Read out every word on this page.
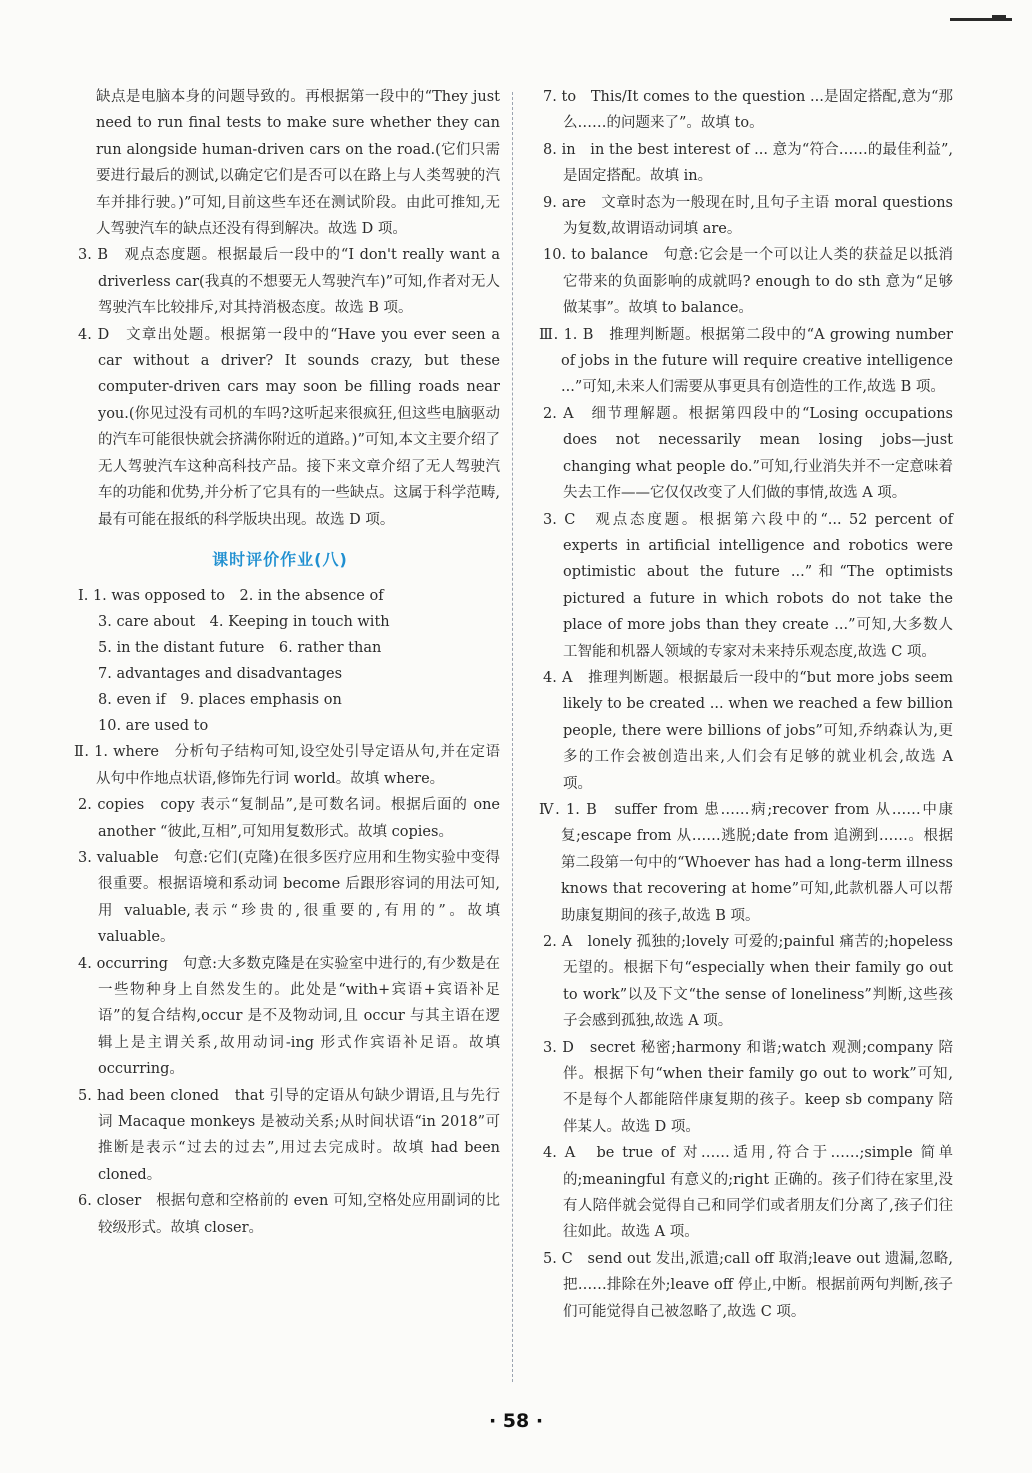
缺点是电脑本身的问题导致的。再根据第一段中的“They just need to run final tests to make sure whether they can run alongside human-driven cars on the road.(它们只需要进行最后的测试,以确定它们是否可以在路上与人类驾驶的汽车并排行驶。)”可知,目前这些车还在测试阶段。由此可推知,无人驾驶汽车的缺点还没有得到解决。故选 D 项。
3. B　观点态度题。根据最后一段中的“I don't really want a driverless car(我真的不想要无人驾驶汽车)”可知,作者对无人驾驶汽车比较排斥,对其持消极态度。故选 B 项。
4. D　文章出处题。根据第一段中的“Have you ever seen a car without a driver? It sounds crazy, but these computer-driven cars may soon be filling roads near you.(你见过没有司机的车吗?这听起来很疯狂,但这些电脑驱动的汽车可能很快就会挤满你附近的道路。)”可知,本文主要介绍了无人驾驶汽车这种高科技产品。接下来文章介绍了无人驾驶汽车的功能和优势,并分析了它具有的一些缺点。这属于科学范畴,最有可能在报纸的科学版块出现。故选 D 项。
课时评价作业(八)
Ⅰ. 1. was opposed to　2. in the absence of
3. care about　4. Keeping in touch with
5. in the distant future　6. rather than
7. advantages and disadvantages
8. even if　9. places emphasis on
10. are used to
Ⅱ. 1. where　分析句子结构可知,设空处引导定语从句,并在定语从句中作地点状语,修饰先行词 world。故填 where。
2. copies　copy 表示“复制品”,是可数名词。根据后面的 one another “彼此,互相”,可知用复数形式。故填 copies。
3. valuable　句意:它们(克隆)在很多医疗应用和生物实验中变得很重要。根据语境和系动词 become 后跟形容词的用法可知,用 valuable,表示“珍贵的,很重要的,有用的”。故填 valuable。
4. occurring　句意:大多数克隆是在实验室中进行的,有少数是在一些物种身上自然发生的。此处是“with+宾语+宾语补足语”的复合结构,occur 是不及物动词,且 occur 与其主语在逻辑上是主谓关系,故用动词-ing 形式作宾语补足语。故填 occurring。
5. had been cloned　that 引导的定语从句缺少谓语,且与先行词 Macaque monkeys 是被动关系;从时间状语“in 2018”可推断是表示“过去的过去”,用过去完成时。故填 had been cloned。
6. closer　根据句意和空格前的 even 可知,空格处应用副词的比较级形式。故填 closer。
7. to　This/It comes to the question ...是固定搭配,意为“那么……的问题来了”。故填 to。
8. in　in the best interest of ... 意为“符合……的最佳利益”,是固定搭配。故填 in。
9. are　文章时态为一般现在时,且句子主语 moral questions 为复数,故谓语动词填 are。
10. to balance　句意:它会是一个可以让人类的获益足以抵消它带来的负面影响的成就吗? enough to do sth 意为“足够做某事”。故填 to balance。
Ⅲ. 1. B　推理判断题。根据第二段中的“A growing number of jobs in the future will require creative intelligence ...”可知,未来人们需要从事更具有创造性的工作,故选 B 项。
2. A　细节理解题。根据第四段中的“Losing occupations does not necessarily mean losing jobs—just changing what people do.”可知,行业消失并不一定意味着失去工作——它仅仅改变了人们做的事情,故选 A 项。
3. C　观点态度题。根据第六段中的“... 52 percent of experts in artificial intelligence and robotics were optimistic about the future ...”和“The optimists pictured a future in which robots do not take the place of more jobs than they create ...”可知,大多数人工智能和机器人领域的专家对未来持乐观态度,故选 C 项。
4. A　推理判断题。根据最后一段中的“but more jobs seem likely to be created ... when we reached a few billion people, there were billions of jobs”可知,乔纳森认为,更多的工作会被创造出来,人们会有足够的就业机会,故选 A 项。
Ⅳ. 1. B　suffer from 患……病;recover from 从……中康复;escape from 从……逃脱;date from 追溯到……。根据第二段第一句中的“Whoever has had a long-term illness knows that recovering at home”可知,此款机器人可以帮助康复期间的孩子,故选 B 项。
2. A　lonely 孤独的;lovely 可爱的;painful 痛苦的;hopeless 无望的。根据下句“especially when their family go out to work”以及下文“the sense of loneliness”判断,这些孩子会感到孤独,故选 A 项。
3. D　secret 秘密;harmony 和谐;watch 观测;company 陪伴。根据下句“when their family go out to work”可知,不是每个人都能陪伴康复期的孩子。keep sb company 陪伴某人。故选 D 项。
4. A　be true of 对……适用,符合于……;simple 简单的;meaningful 有意义的;right 正确的。孩子们待在家里,没有人陪伴就会觉得自己和同学们或者朋友们分离了,孩子们往往如此。故选 A 项。
5. C　send out 发出,派遣;call off 取消;leave out 遗漏,忽略,把……排除在外;leave off 停止,中断。根据前两句判断,孩子们可能觉得自己被忽略了,故选 C 项。
· 58 ·
